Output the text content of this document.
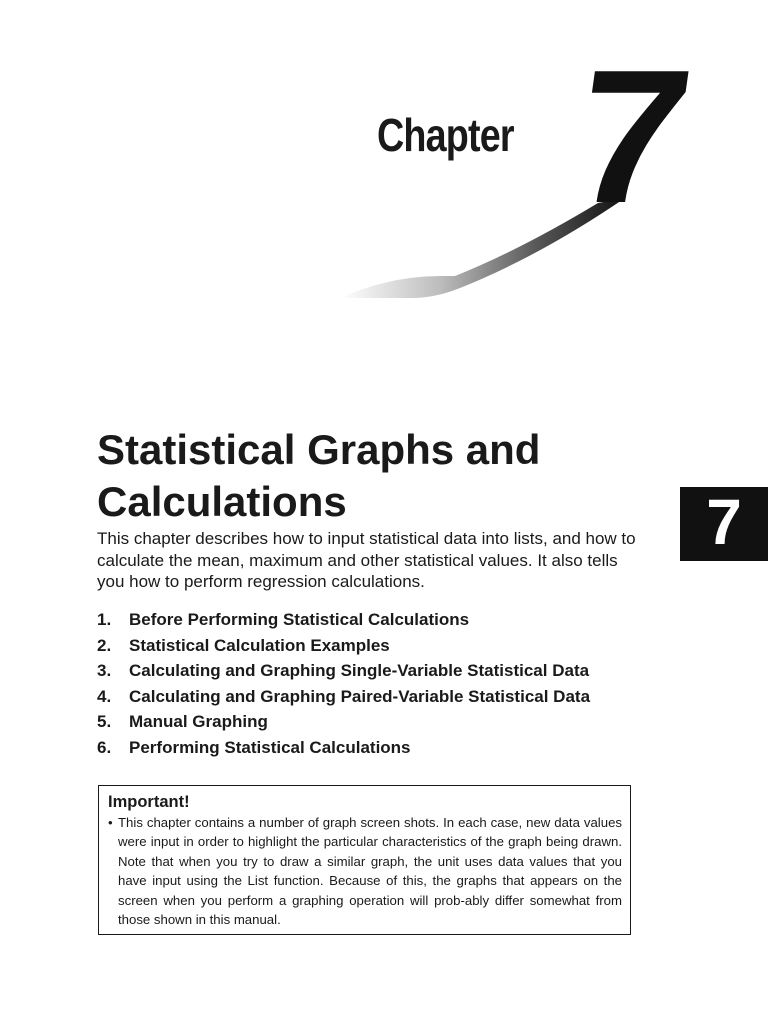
7
Chapter
7
Statistical Graphs and Calculations

This chapter describes how to input statistical data into lists, and how to calculate the mean, maximum and other statistical values. It also tells you how to perform regression calculations.

1.	Before Performing Statistical Calculations
2.	Statistical Calculation Examples
3.	Calculating and Graphing Single-Variable Statistical Data
4.	Calculating and Graphing Paired-Variable Statistical Data
5.	Manual Graphing
6.	Performing Statistical Calculations
Important!
• This chapter contains a number of graph screen shots. In each case, new data values were input in order to highlight the particular characteristics of the graph being drawn. Note that when you try to draw a similar graph, the unit uses data values that you have input using the List function. Because of this, the graphs that appears on the screen when you perform a graphing operation will prob-ably differ somewhat from those shown in this manual.
